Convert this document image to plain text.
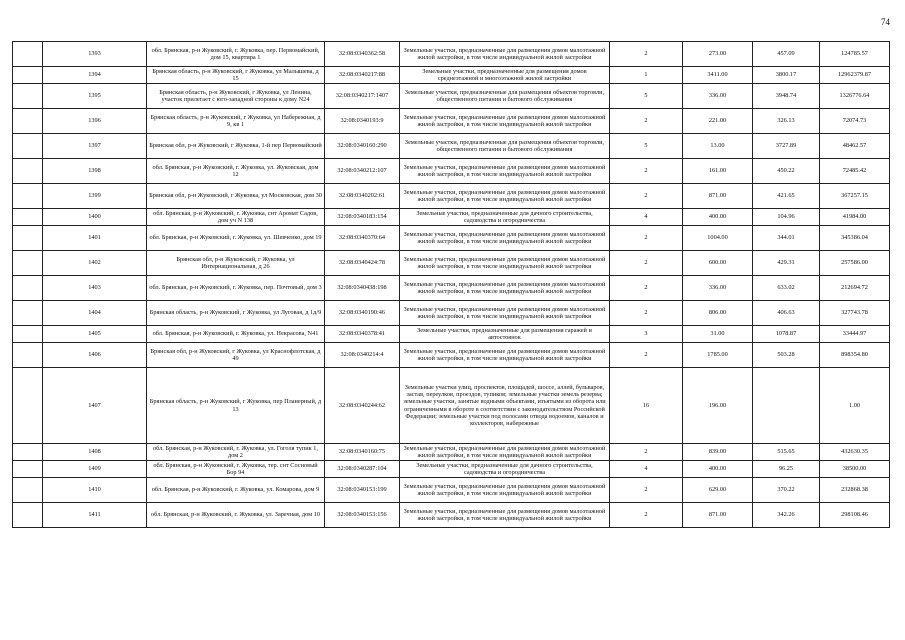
74
	1393	обл. Брянская, р-н Жуковский, г. Жуковка, пер. Первомайский, дом 15, квартира 1	32:08:0340362:58	Земельные участки, предназначенные для размещения домов малоэтажной жилой застройки, в том числе индивидуальной жилой застройки	2	273.00	457.09	124785.57
	1394	Брянская область, р-н Жуковский, г Жуковка, ул Малышева, д 15	32:08:0340217:88	Земельные участки, предназначенные для размещения домов среднеэтажной и многоэтажной жилой застройки	1	3411.00	3800.17	12962379.87
	1395	Брянская область, р-н Жуковский, г Жуковка, ул Ленина, участок прилегает с юго-западной стороны к дому N24	32:08:0340217:1407	Земельные участки, предназначенные для размещения объектов торговли, общественного питания и бытового обслуживания	5	336.00	3948.74	1326776.64
	1396	Брянская область, р-н Жуковский, г Жуковка, ул Набережная, д 9, кв 1	32:08:0340193:9	Земельные участки, предназначенные для размещения домов малоэтажной жилой застройки, в том числе индивидуальной жилой застройки	2	221.00	326.13	72074.73
	1397	Брянская обл, р-н Жуковский, г Жуковка, 1-й пер Первомайский	32:08:0340160:290	Земельные участки, предназначенные для размещения объектов торговли, общественного питания и бытового обслуживания	5	13.00	3727.89	48462.57
	1398	обл. Брянская, р-н Жуковский, г. Жуковка, ул. Жуковская, дом 12	32:08:0340212:107	Земельные участки, предназначенные для размещения домов малоэтажной жилой застройки, в том числе индивидуальной жилой застройки	2	161.00	450.22	72485.42
	1399	Брянская обл, р-н Жуковский, г Жуковка, ул Московская, дом 30	32:08:0340202:61	Земельные участки, предназначенные для размещения домов малоэтажной жилой застройки, в том числе индивидуальной жилой застройки	2	871.00	421.65	367257.15
	1400	обл. Брянская, р-н Жуковский, г. Жуковка, снт Аромат Садов, дом уч N 138	32:08:0340183:154	Земельные участки, предназначенные для дачного строительства, садоводства и огородничества	4	400.00	104.96	41984.00
	1401	обл. Брянская, р-н Жуковский, г. Жуковка, ул. Шевченко, дом 19	32:08:0340370:64	Земельные участки, предназначенные для размещения домов малоэтажной жилой застройки, в том числе индивидуальной жилой застройки	2	1004.00	344.01	345386.04
	1402	Брянская обл, р-н Жуковский, г Жуковка, ул Интернациональная, д 26	32:08:0340424:78	Земельные участки, предназначенные для размещения домов малоэтажной жилой застройки, в том числе индивидуальной жилой застройки	2	600.00	429.31	257586.00
	1403	обл. Брянская, р-н Жуковский, г. Жуковка, пер. Почтовый, дом 3	32:08:0340438:198	Земельные участки, предназначенные для размещения домов малоэтажной жилой застройки, в том числе индивидуальной жилой застройки	2	336.00	633.02	212694.72
	1404	Брянская область, р-н Жуковский, г Жуковка, ул Луговая, д 1д/9	32:08:0340190:46	Земельные участки, предназначенные для размещения домов малоэтажной жилой застройки, в том числе индивидуальной жилой застройки	2	806.00	406.63	327743.78
	1405	обл. Брянская, р-н Жуковский, г. Жуковка, ул. Некрасова, N41	32:08:0340378:41	Земельные участки, предназначенные для размещения гаражей и автостоянок	3	31.00	1078.87	33444.97
	1406	Брянская обл, р-н Жуковский, г Жуковка, ул Краснофлотская, д 49	32:08:0340214:4	Земельные участки, предназначенные для размещения домов малоэтажной жилой застройки, в том числе индивидуальной жилой застройки	2	1785.00	503.28	898354.80
	1407	Брянская область, р-н Жуковский, г Жуковка, пер Планерный, д 13	32:08:0340244:62	Земельные участки улиц, проспектов, площадей, шоссе, аллей, бульваров, застав, переулков, проездов, тупиков; земельные участки земель резерва; земельные участки, занятые водными объектами, изъятыми из оборота или ограниченными в обороте в соответствии с законодательством Российской Федерации; земельные участки под полосами отвода водоемов, каналов и коллекторов, набережные	16	196.00		1.00
	1408	обл. Брянская, р-н Жуковский, г. Жуковка, ул. Гоголя тупик 1, дом 2	32:08:0340160:75	Земельные участки, предназначенные для размещения домов малоэтажной жилой застройки, в том числе индивидуальной жилой застройки	2	839.00	515.65	432630.35
	1409	обл. Брянская, р-н Жуковский, г. Жуковка, тер. снт Сосновый Бор 94	32:08:0340287:104	Земельные участки, предназначенные для дачного строительства, садоводства и огородничества	4	400.00	96.25	38500.00
	1410	обл. Брянская, р-н Жуковский, г. Жуковка, ул. Комарова, дом 9	32:08:0340153:199	Земельные участки, предназначенные для размещения домов малоэтажной жилой застройки, в том числе индивидуальной жилой застройки	2	629.00	370.22	232868.38
	1411	обл. Брянская, р-н Жуковский, г. Жуковка, ул. Заречная, дом 10	32:08:0340153:156	Земельные участки, предназначенные для размещения домов малоэтажной жилой застройки, в том числе индивидуальной жилой застройки	2	871.00	342.26	298108.46
